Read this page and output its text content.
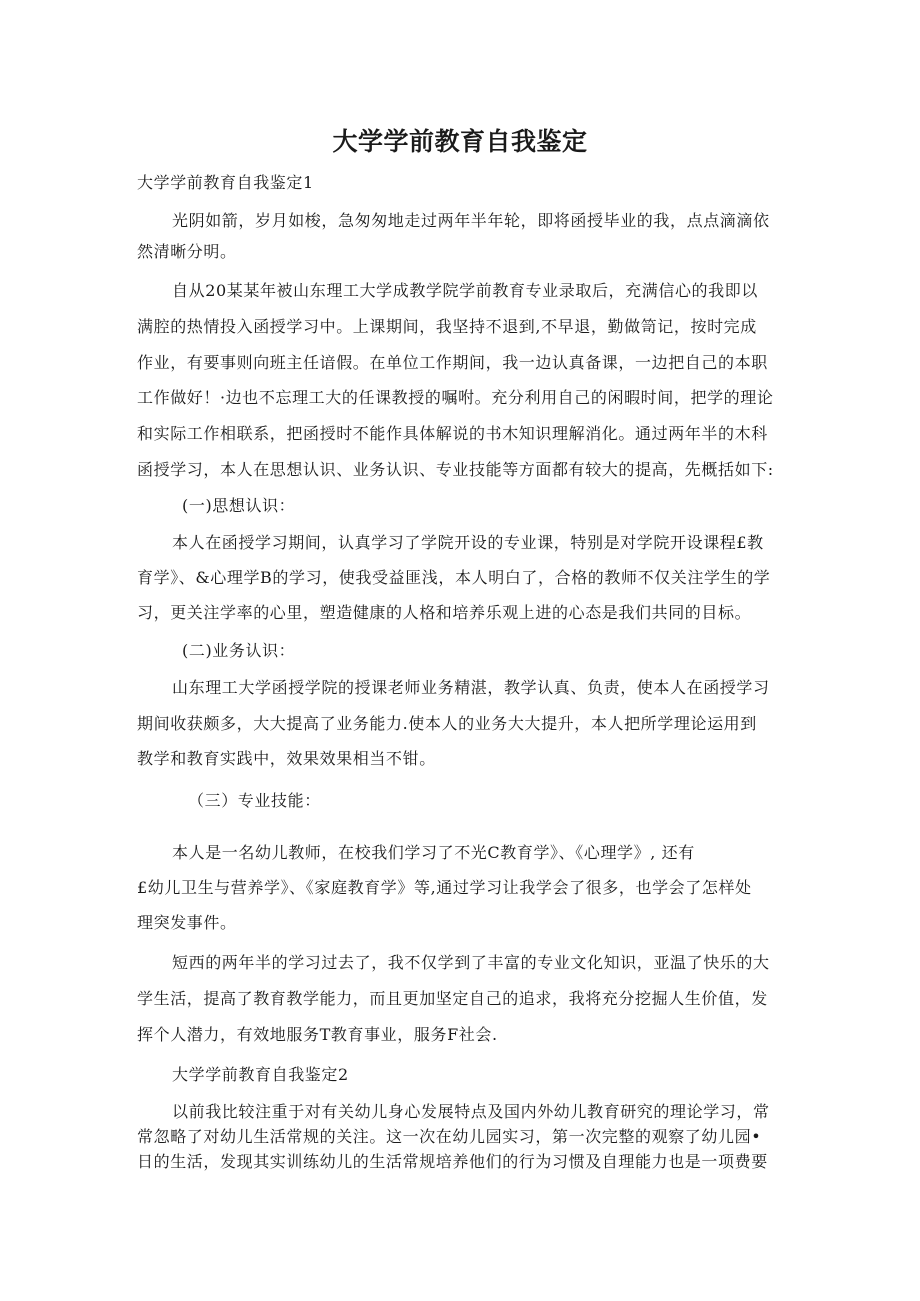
大学学前教育自我鉴定

大学学前教育自我鉴定1

光阴如箭，岁月如梭，急匆匆地走过两年半年轮，即将函授毕业的我，点点滴滴依

然清晰分明。

自从20某某年被山东理工大学成教学院学前教育专业录取后，充满信心的我即以

满腔的热情投入函授学习中。上课期间，我坚持不退到,不早退，勤做笥记，按时完成

作业，有要事则向班主任谙假。在单位工作期间，我一边认真备课，一边把自己的本职

工作做好！·边也不忘理工大的任课教授的嘱咐。充分利用自己的闲暇时间，把学的理论

和实际工作相联系，把函授时不能作具体解说的书木知识理解消化。通过两年半的木科

函授学习，本人在思想认识、业务认识、专业技能等方面都有较大的提高，先概括如下:

(一)思想认识：

本人在函授学习期间，认真学习了学院开设的专业课，特别是对学院开设课程£教

育学》、&心理学B的学习，使我受益匪浅，本人明白了，合格的教师不仅关注学生的学

习，更关注学率的心里，塑造健康的人格和培养乐观上进的心态是我们共同的目标。

(二)业务认识：

山东理工大学函授学院的授课老师业务精湛，教学认真、负责，使本人在函授学习

期间收获颇多，大大提高了业务能力.使本人的业务大大提升，本人把所学理论运用到

教学和教育实践中，效果效果相当不钳。

（三）专业技能：

本人是一名幼儿教师，在校我们学习了不光C教育学》、《心理学》, 还有

£幼儿卫生与营养学》、《家庭教育学》等,通过学习让我学会了很多，也学会了怎样处

理突发事件。

短西的两年半的学习过去了，我不仅学到了丰富的专业文化知识，亚温了快乐的大

学生活，提高了教育教学能力，而且更加坚定自己的追求，我将充分挖掘人生价值，发

挥个人潜力，有效地服务T教育事业，服务F社会.

大学学前教育自我鉴定2

以前我比较注重于对有关幼儿身心发展特点及国内外幼儿教育研究的理论学习，常

常忽略了对幼儿生活常规的关注。这一次在幼儿园实习，第一次完整的观察了幼儿园•

日的生活，发现其实训练幼儿的生活常规培养他们的行为习惯及自理能力也是一项费要
